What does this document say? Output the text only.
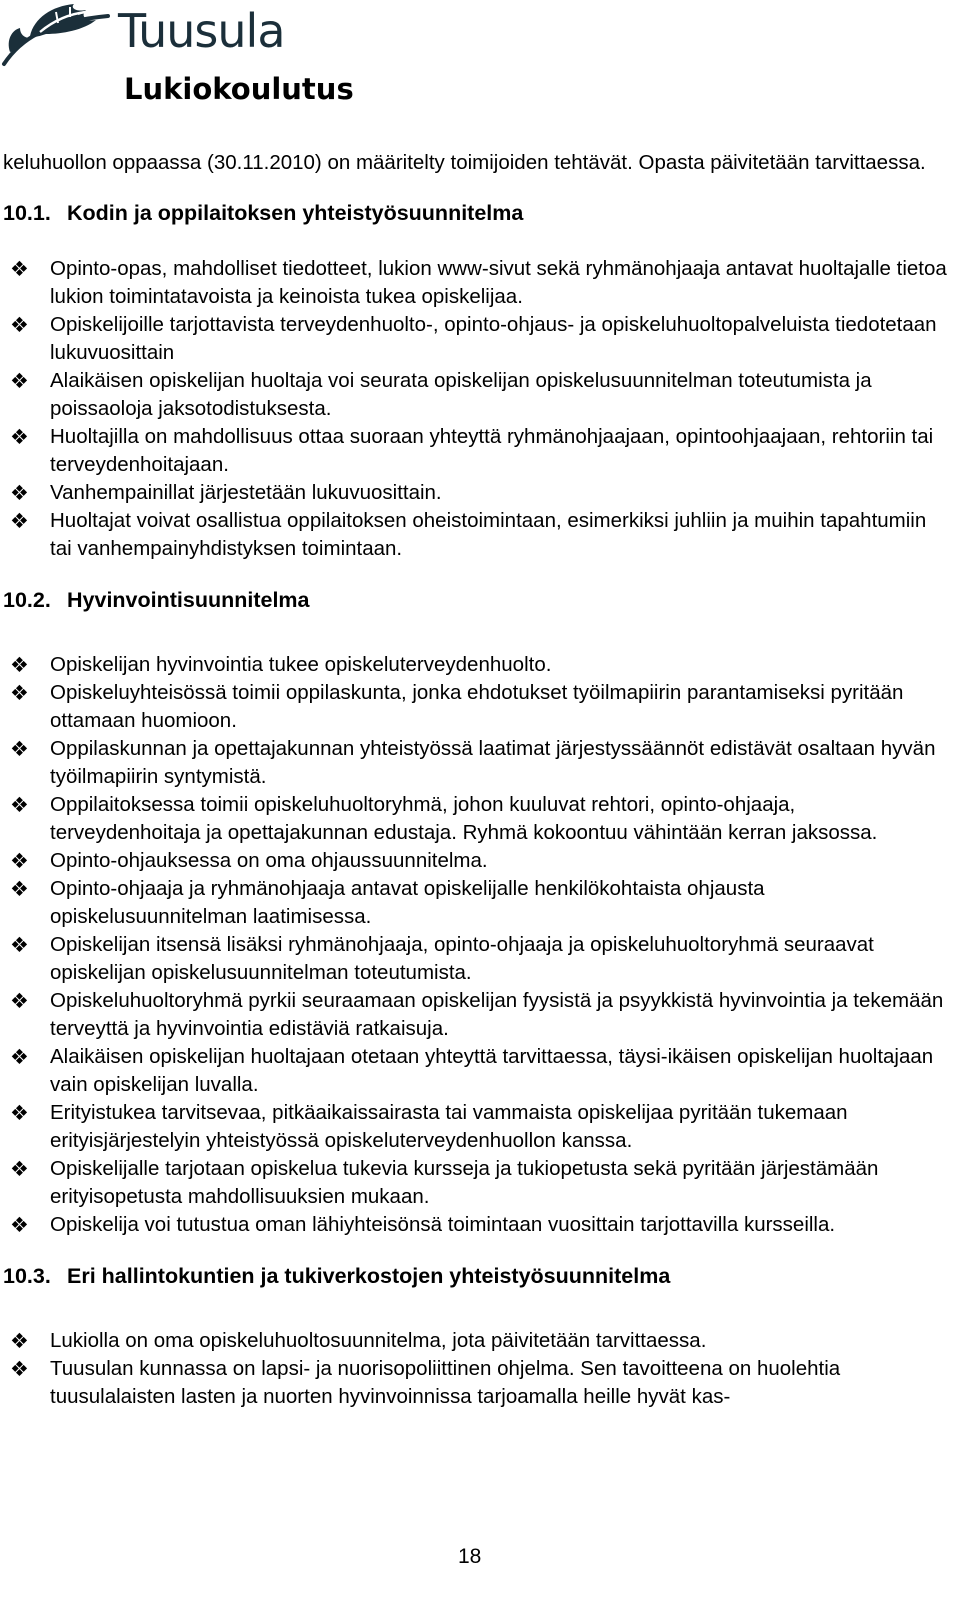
Tuusula
Lukiokoulutus

keluhuollon oppaassa (30.11.2010) on määritelty toimijoiden tehtävät. Opasta päivitetään tarvittaessa.

10.1. Kodin ja oppilaitoksen yhteistyösuunnitelma
❖ Opinto-opas, mahdolliset tiedotteet, lukion www-sivut sekä ryhmänohjaaja antavat huoltajalle tietoa lukion toimintatavoista ja keinoista tukea opiskelijaa.
❖ Opiskelijoille tarjottavista terveydenhuolto-, opinto-ohjaus- ja opiskeluhuoltopalveluista tiedotetaan lukuvuosittain
❖ Alaikäisen opiskelijan huoltaja voi seurata opiskelijan opiskelusuunnitelman toteutumista ja poissaoloja jaksotodistuksesta.
❖ Huoltajilla on mahdollisuus ottaa suoraan yhteyttä ryhmänohjaajaan, opintoohjaajaan, rehtoriin tai terveydenhoitajaan.
❖ Vanhempainillat järjestetään lukuvuosittain.
❖ Huoltajat voivat osallistua oppilaitoksen oheistoimintaan, esimerkiksi juhliin ja muihin tapahtumiin tai vanhempainyhdistyksen toimintaan.
10.2. Hyvinvointisuunnitelma
❖ Opiskelijan hyvinvointia tukee opiskeluterveydenhuolto.
❖ Opiskeluyhteisössä toimii oppilaskunta, jonka ehdotukset työilmapiirin parantamiseksi pyritään ottamaan huomioon.
❖ Oppilaskunnan ja opettajakunnan yhteistyössä laatimat järjestyssäännöt edistävät osaltaan hyvän työilmapiirin syntymistä.
❖ Oppilaitoksessa toimii opiskeluhuoltoryhmä, johon kuuluvat rehtori, opinto-ohjaaja, terveydenhoitaja ja opettajakunnan edustaja. Ryhmä kokoontuu vähintään kerran jaksossa.
❖ Opinto-ohjauksessa on oma ohjaussuunnitelma.
❖ Opinto-ohjaaja ja ryhmänohjaaja antavat opiskelijalle henkilökohtaista ohjausta opiskelusuunnitelman laatimisessa.
❖ Opiskelijan itsensä lisäksi ryhmänohjaaja, opinto-ohjaaja ja opiskeluhuoltoryhmä seuraavat opiskelijan opiskelusuunnitelman toteutumista.
❖ Opiskeluhuoltoryhmä pyrkii seuraamaan opiskelijan fyysistä ja psyykkistä hyvinvointia ja tekemään terveyttä ja hyvinvointia edistäviä ratkaisuja.
❖ Alaikäisen opiskelijan huoltajaan otetaan yhteyttä tarvittaessa, täysi-ikäisen opiskelijan huoltajaan vain opiskelijan luvalla.
❖ Erityistukea tarvitsevaa, pitkäaikaissairasta tai vammaista opiskelijaa pyritään tukemaan erityisjärjestelyin yhteistyössä opiskeluterveydenhuollon kanssa.
❖ Opiskelijalle tarjotaan opiskelua tukevia kursseja ja tukiopetusta sekä pyritään järjestämään erityisopetusta mahdollisuuksien mukaan.
❖ Opiskelija voi tutustua oman lähiyhteisönsä toimintaan vuosittain tarjottavilla kursseilla.
10.3. Eri hallintokuntien ja tukiverkostojen yhteistyösuunnitelma
❖ Lukiolla on oma opiskeluhuoltosuunnitelma, jota päivitetään tarvittaessa.
❖ Tuusulan kunnassa on lapsi- ja nuorisopoliittinen ohjelma. Sen tavoitteena on huolehtia tuusulalaisten lasten ja nuorten hyvinvoinnissa tarjoamalla heille hyvät kas-
18
